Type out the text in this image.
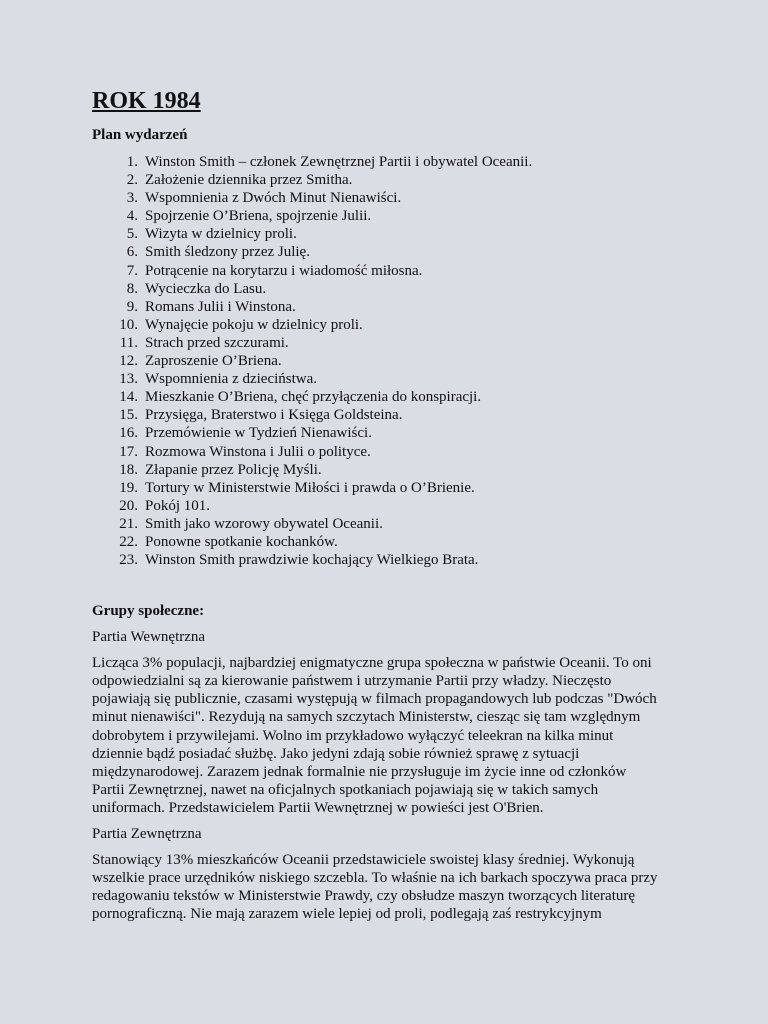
ROK 1984
Plan wydarzeń
1. Winston Smith – członek Zewnętrznej Partii i obywatel Oceanii.
2. Założenie dziennika przez Smitha.
3. Wspomnienia z Dwóch Minut Nienawiści.
4. Spojrzenie O’Briena, spojrzenie Julii.
5. Wizyta w dzielnicy proli.
6. Smith śledzony przez Julię.
7. Potrącenie na korytarzu i wiadomość miłosna.
8. Wycieczka do Lasu.
9. Romans Julii i Winstona.
10. Wynajęcie pokoju w dzielnicy proli.
11. Strach przed szczurami.
12. Zaproszenie O’Briena.
13. Wspomnienia z dzieciństwa.
14. Mieszkanie O’Briena, chęć przyłączenia do konspiracji.
15. Przysięga, Braterstwo i Księga Goldsteina.
16. Przemówienie w Tydzień Nienawiści.
17. Rozmowa Winstona i Julii o polityce.
18. Złapanie przez Policję Myśli.
19. Tortury w Ministerstwie Miłości i prawda o O’Brienie.
20. Pokój 101.
21. Smith jako wzorowy obywatel Oceanii.
22. Ponowne spotkanie kochanków.
23. Winston Smith prawdziwie kochający Wielkiego Brata.
Grupy społeczne:
Partia Wewnętrzna
Licząca 3% populacji, najbardziej enigmatyczne grupa społeczna w państwie Oceanii. To oni
odpowiedzialni są za kierowanie państwem i utrzymanie Partii przy władzy. Nieczęsto
pojawiają się publicznie, czasami występują w filmach propagandowych lub podczas "Dwóch
minut nienawiści". Rezydują na samych szczytach Ministerstw, ciesząc się tam względnym
dobrobytem i przywilejami. Wolno im przykładowo wyłączyć teleekran na kilka minut
dziennie bądź posiadać służbę. Jako jedyni zdają sobie również sprawę z sytuacji
międzynarodowej. Zarazem jednak formalnie nie przysługuje im życie inne od członków
Partii Zewnętrznej, nawet na oficjalnych spotkaniach pojawiają się w takich samych
uniformach. Przedstawicielem Partii Wewnętrznej w powieści jest O'Brien.
Partia Zewnętrzna
Stanowiący 13% mieszkańców Oceanii przedstawiciele swoistej klasy średniej. Wykonują
wszelkie prace urzędników niskiego szczebla. To właśnie na ich barkach spoczywa praca przy
redagowaniu tekstów w Ministerstwie Prawdy, czy obsłudze maszyn tworzących literaturę
pornograficzną. Nie mają zarazem wiele lepiej od proli, podlegają zaś restrykcyjnym
